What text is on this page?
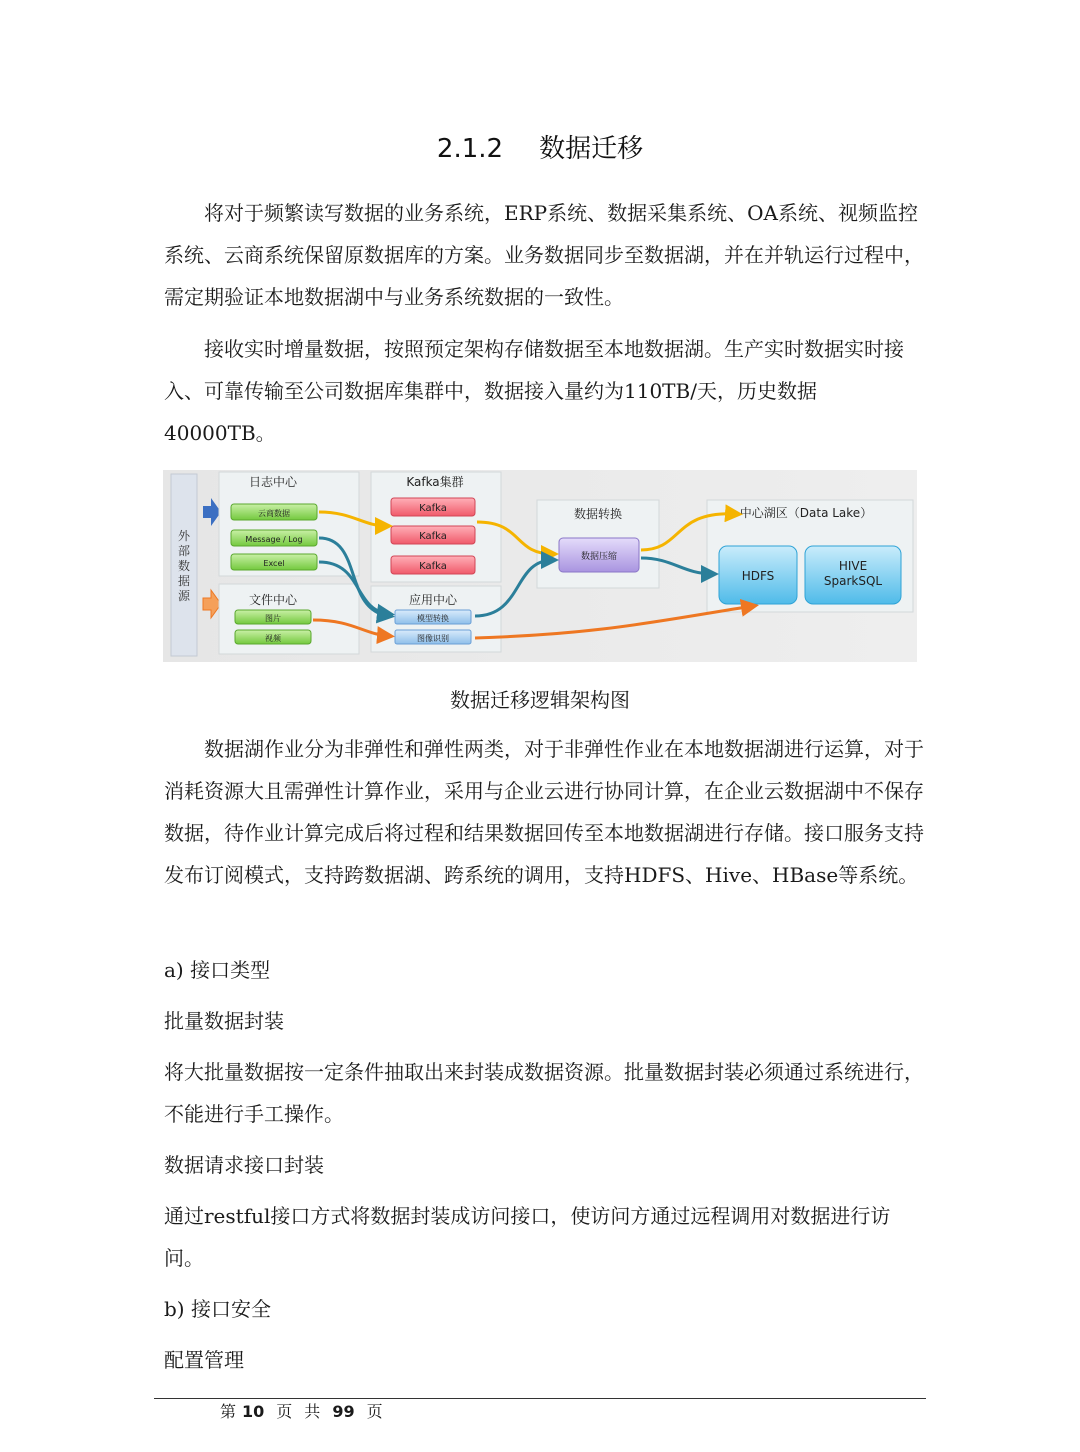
2.1.2 数据迁移

将对于频繁读写数据的业务系统，ERP系统、数据采集系统、OA系统、视频监控系统、云商系统保留原数据库的方案。业务数据同步至数据湖，并在并轨运行过程中，需定期验证本地数据湖中与业务系统数据的一致性。

接收实时增量数据，按照预定架构存储数据至本地数据湖。生产实时数据实时接入、可靠传输至公司数据库集群中，数据接入量约为110TB/天，历史数据40000TB。

外
部
数
据
源
日志中心
云商数据
Message / Log
Excel
文件中心
图片
视频
Kafka集群
Kafka
Kafka
Kafka
应用中心
模型转换
图像识别
数据转换
数据压缩
中心湖区（Data Lake）
HDFS
HIVE
SparkSQL
数据迁移逻辑架构图

数据湖作业分为非弹性和弹性两类，对于非弹性作业在本地数据湖进行运算，对于消耗资源大且需弹性计算作业，采用与企业云进行协同计算，在企业云数据湖中不保存数据，待作业计算完成后将过程和结果数据回传至本地数据湖进行存储。接口服务支持发布订阅模式，支持跨数据湖、跨系统的调用，支持HDFS、Hive、HBase等系统。

a) 接口类型

批量数据封装

将大批量数据按一定条件抽取出来封装成数据资源。批量数据封装必须通过系统进行，不能进行手工操作。

数据请求接口封装

通过restful接口方式将数据封装成访问接口，使访问方通过远程调用对数据进行访问。

b) 接口安全

配置管理

第 10 页 共 99 页
